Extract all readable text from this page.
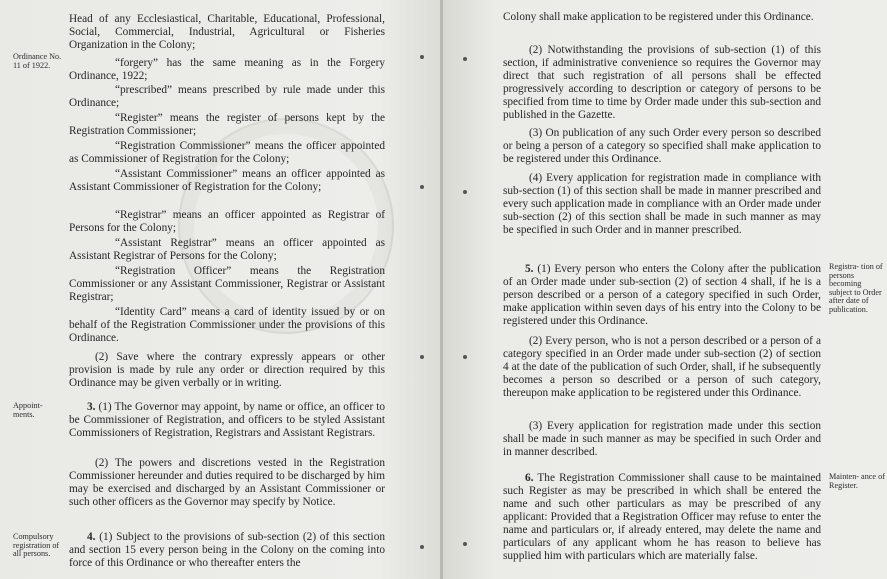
Head of any Ecclesiastical, Charitable, Educational, Professional, Social, Commercial, Industrial, Agricultural or Fisheries Organization in the Colony;

Ordinance No. 11 of 1922.	“forgery” has the same meaning as in the Forgery Ordinance, 1922;

“prescribed” means prescribed by rule made under this Ordinance;

“Register” means the register of persons kept by the Registration Commissioner;

“Registration Commissioner” means the officer appointed as Commissioner of Registration for the Colony;

“Assistant Commissioner” means an officer appointed as Assistant Commissioner of Registration for the Colony;

“Registrar” means an officer appointed as Registrar of Persons for the Colony;

“Assistant Registrar” means an officer appointed as Assistant Registrar of Persons for the Colony;

“Registration Officer” means the Registration Commissioner or any Assistant Commissioner, Registrar or Assistant Registrar;

“Identity Card” means a card of identity issued by or on behalf of the Registration Commissioner under the provisions of this Ordinance.

(2) Save where the contrary expressly appears or other provision is made by rule any order or direction required by this Ordinance may be given verbally or in writing.

Appoint- ments.

3. (1) The Governor may appoint, by name or office, an officer to be Commissioner of Registration, and officers to be styled Assistant Commissioners of Registration, Registrars and Assistant Registrars.

(2) The powers and discretions vested in the Registration Commissioner hereunder and duties required to be discharged by him may be exercised and discharged by an Assistant Commissioner or such other officers as the Governor may specify by Notice.

Compulsory registration of all persons.

4. (1) Subject to the provisions of sub-section (2) of this section and section 15 every person being in the Colony on the coming into force of this Ordinance or who thereafter enters the

Colony shall make application to be registered under this Ordinance.

(2) Notwithstanding the provisions of sub-section (1) of this section, if administrative convenience so requires the Governor may direct that such registration of all persons shall be effected progressively according to description or category of persons to be specified from time to time by Order made under this sub-section and published in the Gazette.

(3) On publication of any such Order every person so described or being a person of a category so specified shall make application to be registered under this Ordinance.

(4) Every application for registration made in compliance with sub-section (1) of this section shall be made in manner prescribed and every such application made in compliance with an Order made under sub-section (2) of this section shall be made in such manner as may be specified in such Order and in manner prescribed.

5. (1) Every person who enters the Colony after the publication of an Order made under sub-section (2) of section 4 shall, if he is a person described or a person of a category specified in such Order, make application within seven days of his entry into the Colony to be registered under this Ordinance.

Registra- tion of persons becoming subject to Order after date of publication.

(2) Every person, who is not a person described or a person of a category specified in an Order made under sub-section (2) of section 4 at the date of the publication of such Order, shall, if he subsequently becomes a person so described or a person of such category, thereupon make application to be registered under this Ordinance.

(3) Every application for registration made under this section shall be made in such manner as may be specified in such Order and in manner described.

6. The Registration Commissioner shall cause to be maintained such Register as may be prescribed in which shall be entered the name and such other particulars as may be prescribed of any applicant: Provided that a Registration Officer may refuse to enter the name and particulars or, if already entered, may delete the name and particulars of any applicant whom he has reason to believe has supplied him with particulars which are materially false.

Mainten- ance of Register.
